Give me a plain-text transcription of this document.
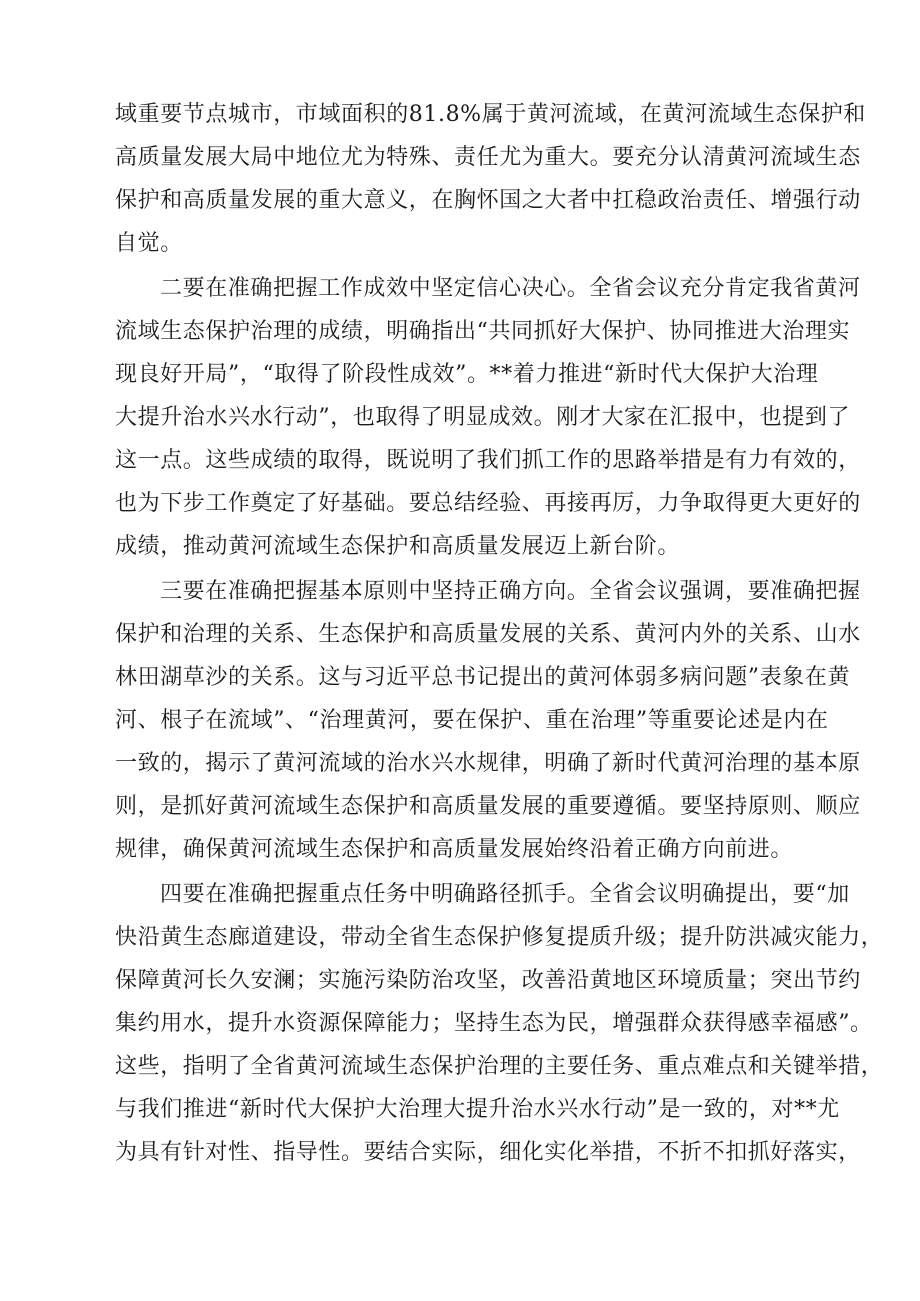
域重要节点城市，市域面积的81.8%属于黄河流域，在黄河流域生态保护和
高质量发展大局中地位尤为特殊、责任尤为重大。要充分认清黄河流域生态
保护和高质量发展的重大意义，在胸怀国之大者中扛稳政治责任、增强行动
自觉。
二要在准确把握工作成效中坚定信心决心。全省会议充分肯定我省黄河
流域生态保护治理的成绩，明确指出“共同抓好大保护、协同推进大治理实
现良好开局”，“取得了阶段性成效”。**着力推进“新时代大保护大治理
大提升治水兴水行动”，也取得了明显成效。刚才大家在汇报中，也提到了
这一点。这些成绩的取得，既说明了我们抓工作的思路举措是有力有效的，
也为下步工作奠定了好基础。要总结经验、再接再厉，力争取得更大更好的
成绩，推动黄河流域生态保护和高质量发展迈上新台阶。
三要在准确把握基本原则中坚持正确方向。全省会议强调，要准确把握
保护和治理的关系、生态保护和高质量发展的关系、黄河内外的关系、山水
林田湖草沙的关系。这与习近平总书记提出的黄河体弱多病问题”表象在黄
河、根子在流域”、“治理黄河，要在保护、重在治理”等重要论述是内在
一致的，揭示了黄河流域的治水兴水规律，明确了新时代黄河治理的基本原
则，是抓好黄河流域生态保护和高质量发展的重要遵循。要坚持原则、顺应
规律，确保黄河流域生态保护和高质量发展始终沿着正确方向前进。
四要在准确把握重点任务中明确路径抓手。全省会议明确提出，要“加
快沿黄生态廊道建设，带动全省生态保护修复提质升级；提升防洪减灾能力，
保障黄河长久安澜；实施污染防治攻坚，改善沿黄地区环境质量；突出节约
集约用水，提升水资源保障能力；坚持生态为民，增强群众获得感幸福感”。
这些，指明了全省黄河流域生态保护治理的主要任务、重点难点和关键举措，
与我们推进“新时代大保护大治理大提升治水兴水行动”是一致的，对**尤
为具有针对性、指导性。要结合实际，细化实化举措，不折不扣抓好落实，
